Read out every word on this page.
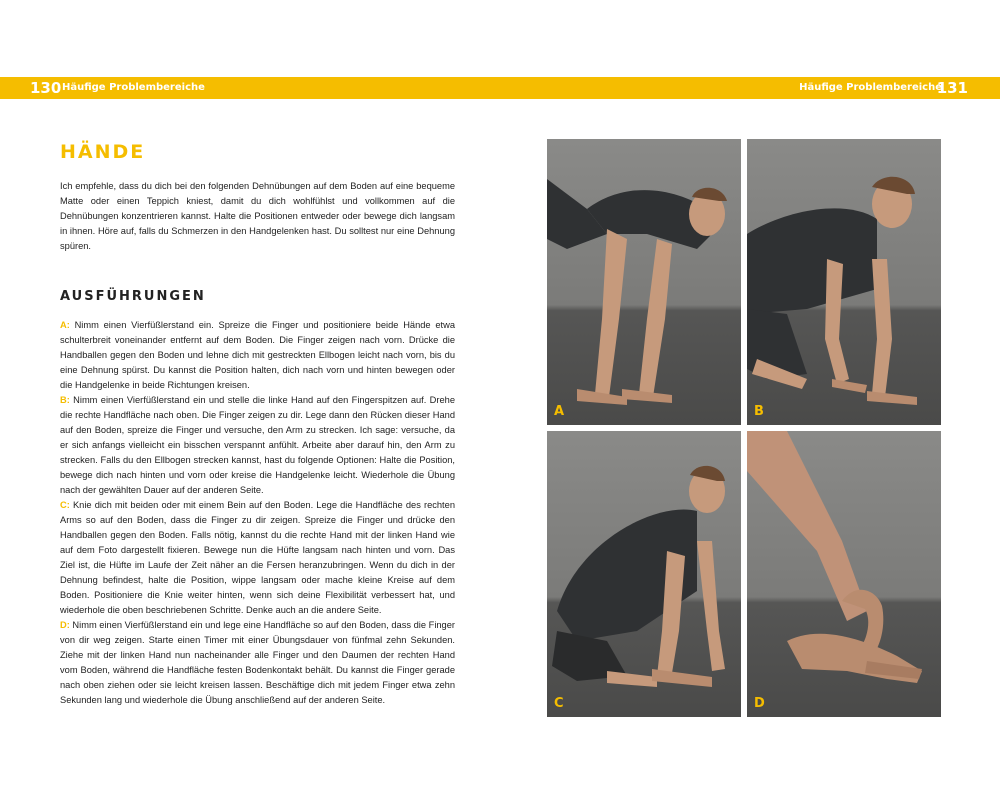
130 Häufige Problembereiche	Häufige Problembereiche
131
HÄNDE

Ich empfehle, dass du dich bei den folgenden Dehnübungen auf dem Boden auf eine bequeme Matte oder einen Teppich kniest, damit du dich wohlfühlst und vollkommen auf die Dehnübungen konzentrieren kannst. Halte die Positionen entweder oder bewege dich langsam in ihnen. Höre auf, falls du Schmerzen in den Handgelenken hast. Du solltest nur eine Dehnung spüren.

AUSFÜHRUNGEN

A: Nimm einen Vierfüßlerstand ein. Spreize die Finger und positioniere beide Hände etwa schulterbreit voneinander entfernt auf dem Boden. Die Finger zeigen nach vorn. Drücke die Handballen gegen den Boden und lehne dich mit gestreckten Ellbogen leicht nach vorn, bis du eine Dehnung spürst. Du kannst die Position halten, dich nach vorn und hinten bewegen oder die Handgelenke in beide Richtungen kreisen.

B: Nimm einen Vierfüßlerstand ein und stelle die linke Hand auf den Fingerspitzen auf. Drehe die rechte Handfläche nach oben. Die Finger zeigen zu dir. Lege dann den Rücken dieser Hand auf den Boden, spreize die Finger und versuche, den Arm zu strecken. Ich sage: versuche, da er sich anfangs vielleicht ein bisschen verspannt anfühlt. Arbeite aber darauf hin, den Arm zu strecken. Falls du den Ellbogen strecken kannst, hast du folgende Optionen: Halte die Position, bewege dich nach hinten und vorn oder kreise die Handgelenke leicht. Wiederhole die Übung nach der gewählten Dauer auf der anderen Seite.

C: Knie dich mit beiden oder mit einem Bein auf den Boden. Lege die Handfläche des rechten Arms so auf den Boden, dass die Finger zu dir zeigen. Spreize die Finger und drücke den Handballen gegen den Boden. Falls nötig, kannst du die rechte Hand mit der linken Hand wie auf dem Foto dargestellt fixieren. Bewege nun die Hüfte langsam nach hinten und vorn. Das Ziel ist, die Hüfte im Laufe der Zeit näher an die Fersen heranzubringen. Wenn du dich in der Dehnung befindest, halte die Position, wippe langsam oder mache kleine Kreise auf dem Boden. Positioniere die Knie weiter hinten, wenn sich deine Flexibilität verbessert hat, und wiederhole die oben beschriebenen Schritte. Denke auch an die andere Seite.

D: Nimm einen Vierfüßlerstand ein und lege eine Handfläche so auf den Boden, dass die Finger von dir weg zeigen. Starte einen Timer mit einer Übungsdauer von fünfmal zehn Sekunden. Ziehe mit der linken Hand nun nacheinander alle Finger und den Daumen der rechten Hand vom Boden, während die Handfläche festen Bodenkontakt behält. Du kannst die Finger gerade nach oben ziehen oder sie leicht kreisen lassen. Beschäftige dich mit jedem Finger etwa zehn Sekunden lang und wiederhole die Übung anschließend auf der anderen Seite.

A	B
C	D
